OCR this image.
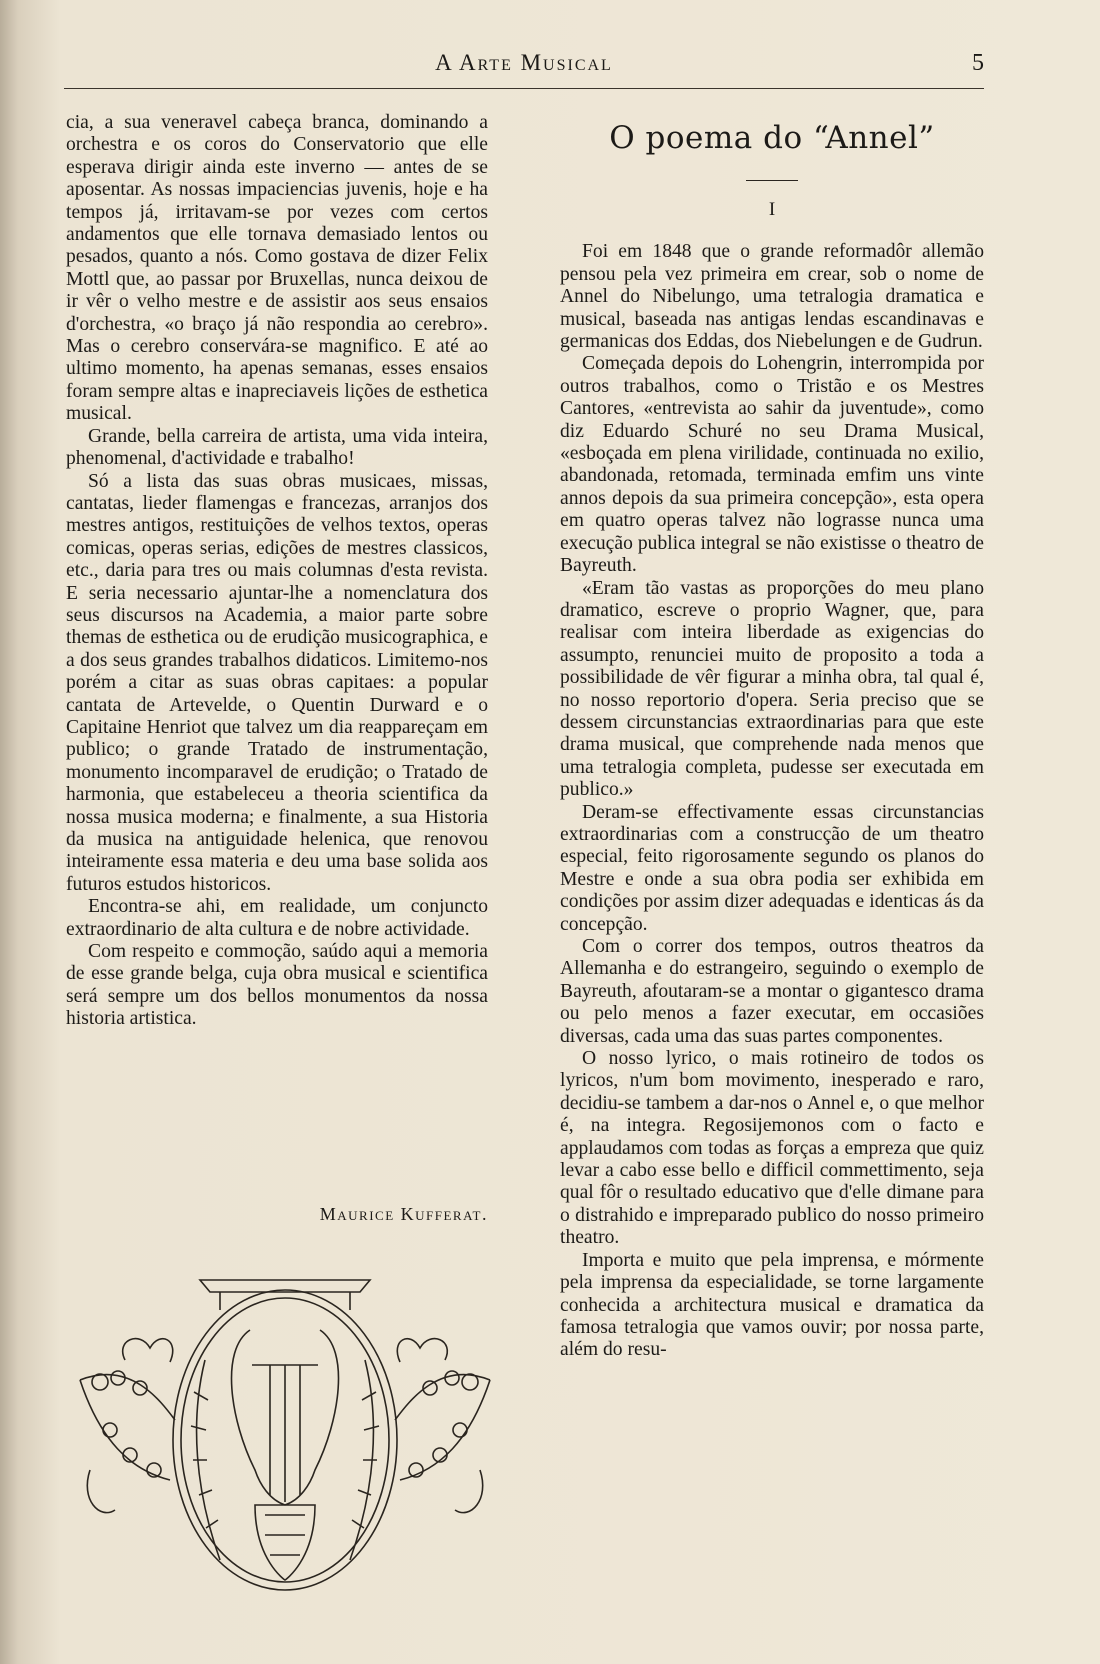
A Arte Musical	5

cia, a sua veneravel cabeça branca, dominando a orchestra e os coros do Conservatorio que elle esperava dirigir ainda este inverno — antes de se aposentar. As nossas impaciencias juvenis, hoje e ha tempos já, irritavam-se por vezes com certos andamentos que elle tornava demasiado lentos ou pesados, quanto a nós. Como gostava de dizer Felix Mottl que, ao passar por Bruxellas, nunca deixou de ir vêr o velho mestre e de assistir aos seus ensaios d'orchestra, «o braço já não respondia ao cerebro». Mas o cerebro conservára-se magnifico. E até ao ultimo momento, ha apenas semanas, esses ensaios foram sempre altas e inapreciaveis lições de esthetica musical.

Grande, bella carreira de artista, uma vida inteira, phenomenal, d'actividade e trabalho!

Só a lista das suas obras musicaes, missas, cantatas, lieder flamengas e francezas, arranjos dos mestres antigos, restituições de velhos textos, operas comicas, operas serias, edições de mestres classicos, etc., daria para tres ou mais columnas d'esta revista. E seria necessario ajuntar-lhe a nomenclatura dos seus discursos na Academia, a maior parte sobre themas de esthetica ou de erudição musicographica, e a dos seus grandes trabalhos didaticos. Limitemo-nos porém a citar as suas obras capitaes: a popular cantata de Artevelde, o Quentin Durward e o Capitaine Henriot que talvez um dia reappareçam em publico; o grande Tratado de instrumentação, monumento incomparavel de erudição; o Tratado de harmonia, que estabeleceu a theoria scientifica da nossa musica moderna; e finalmente, a sua Historia da musica na antiguidade helenica, que renovou inteiramente essa materia e deu uma base solida aos futuros estudos historicos.

Encontra-se ahi, em realidade, um conjuncto extraordinario de alta cultura e de nobre actividade.

Com respeito e commoção, saúdo aqui a memoria de esse grande belga, cuja obra musical e scientifica será sempre um dos bellos monumentos da nossa historia artistica.

Maurice Kufferat.
O poema do “Annel”
I

Foi em 1848 que o grande reformadôr allemão pensou pela vez primeira em crear, sob o nome de Annel do Nibelungo, uma tetralogia dramatica e musical, baseada nas antigas lendas escandinavas e germanicas dos Eddas, dos Niebelungen e de Gudrun.

Começada depois do Lohengrin, interrompida por outros trabalhos, como o Tristão e os Mestres Cantores, «entrevista ao sahir da juventude», como diz Eduardo Schuré no seu Drama Musical, «esboçada em plena virilidade, continuada no exilio, abandonada, retomada, terminada emfim uns vinte annos depois da sua primeira concepção», esta opera em quatro operas talvez não lograsse nunca uma execução publica integral se não existisse o theatro de Bayreuth.

«Eram tão vastas as proporções do meu plano dramatico, escreve o proprio Wagner, que, para realisar com inteira liberdade as exigencias do assumpto, renunciei muito de proposito a toda a possibilidade de vêr figurar a minha obra, tal qual é, no nosso reportorio d'opera. Seria preciso que se dessem circunstancias extraordinarias para que este drama musical, que comprehende nada menos que uma tetralogia completa, pudesse ser executada em publico.»

Deram-se effectivamente essas circunstancias extraordinarias com a construcção de um theatro especial, feito rigorosamente segundo os planos do Mestre e onde a sua obra podia ser exhibida em condições por assim dizer adequadas e identicas ás da concepção.

Com o correr dos tempos, outros theatros da Allemanha e do estrangeiro, seguindo o exemplo de Bayreuth, afoutaram-se a montar o gigantesco drama ou pelo menos a fazer executar, em occasiões diversas, cada uma das suas partes componentes.

O nosso lyrico, o mais rotineiro de todos os lyricos, n'um bom movimento, inesperado e raro, decidiu-se tambem a dar-nos o Annel e, o que melhor é, na integra. Regosijemonos com o facto e applaudamos com todas as forças a empreza que quiz levar a cabo esse bello e difficil commettimento, seja qual fôr o resultado educativo que d'elle dimane para o distrahido e impreparado publico do nosso primeiro theatro.

Importa e muito que pela imprensa, e mórmente pela imprensa da especialidade, se torne largamente conhecida a architectura musical e dramatica da famosa tetralogia que vamos ouvir; por nossa parte, além do resu-
